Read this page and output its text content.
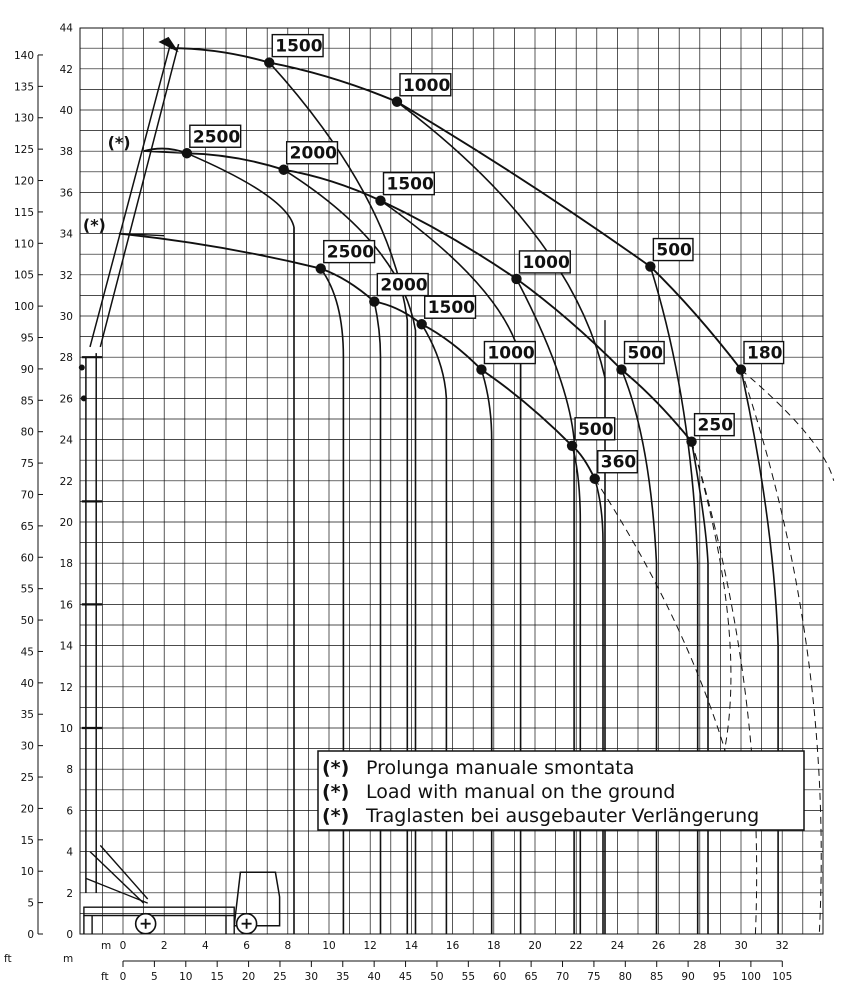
0
2
4
6
8
10
12
14
16
18
20
22
24
26
28
30
32
34
36
38
40
42
44
0
5
10
15
20
25
30
35
40
45
50
55
60
65
70
75
80
85
90
95
100
105
110
115
120
125
130
135
140
0	2	4	6	8	10	12	14	16	18	20	22	24	26	28	30	32
0 5 10 15 20 25 30 35 40 45 50 55 60 65 70 75 80 85 90 95 100 105
1500
1000
500
180
2500
2000
1500
1000
500
250
2500
2000
1500
1000
500
360
(*)
(*)
(*) Prolunga manuale smontata
(*) Load with manual on the ground
(*) Traglasten bei ausgebauter Verlängerung
ft	m
m
ft
